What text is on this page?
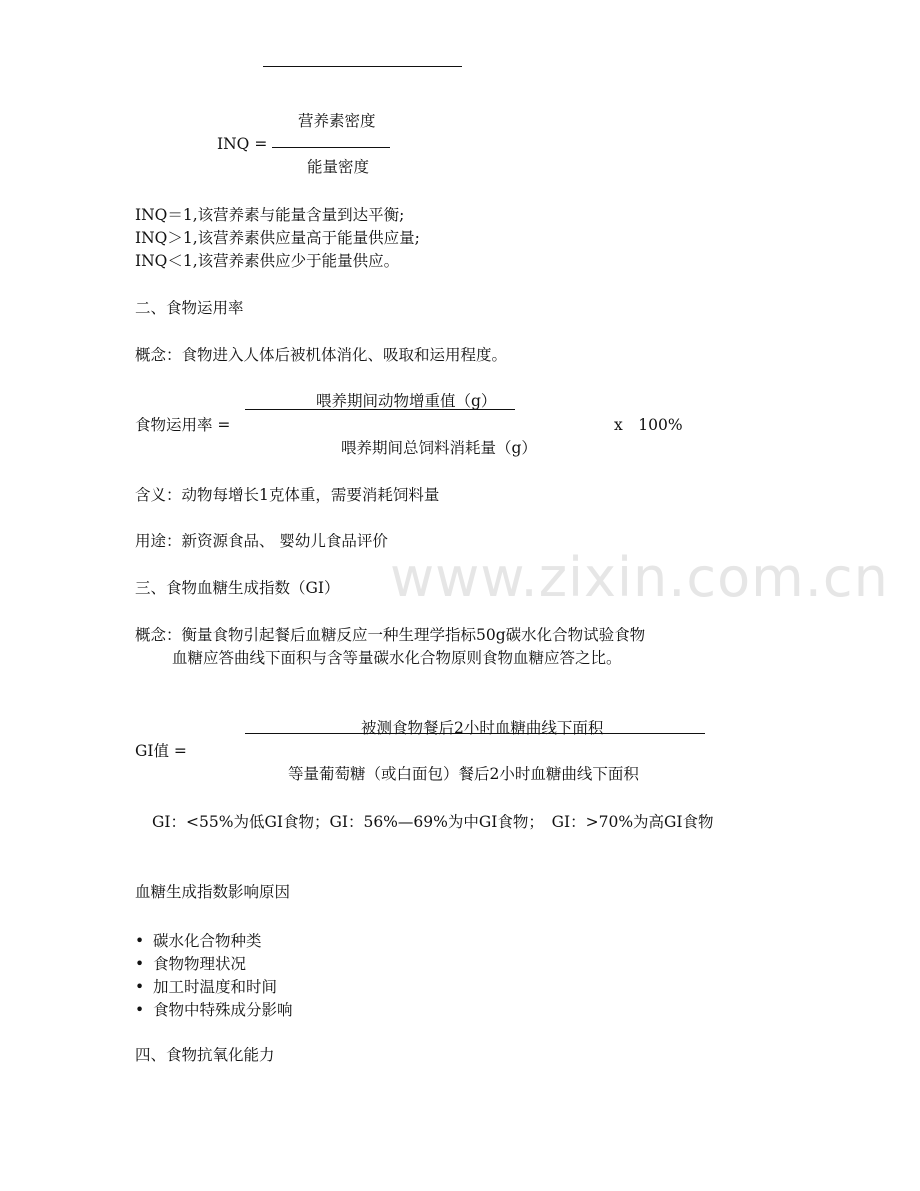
www.zixin.com.cn
营养素密度
INQ =
能量密度
INQ＝1,该营养素与能量含量到达平衡;
INQ＞1,该营养素供应量高于能量供应量;
INQ＜1,该营养素供应少于能量供应。
二、食物运用率
概念：食物进入人体后被机体消化、吸取和运用程度。
喂养期间动物增重值（g）
食物运用率 =	x　100%
喂养期间总饲料消耗量（g）
含义：动物每增长1克体重，需要消耗饲料量
用途：新资源食品、 婴幼儿食品评价
三、食物血糖生成指数（GI）
概念：衡量食物引起餐后血糖反应一种生理学指标50g碳水化合物试验食物
血糖应答曲线下面积与含等量碳水化合物原则食物血糖应答之比。
被测食物餐后2小时血糖曲线下面积
GI值 =
等量葡萄糖（或白面包）餐后2小时血糖曲线下面积
GI：<55%为低GI食物；GI：56%—69%为中GI食物；　GI：>70%为高GI食物
血糖生成指数影响原因
• 碳水化合物种类
• 食物物理状况
• 加工时温度和时间
• 食物中特殊成分影响
四、食物抗氧化能力
